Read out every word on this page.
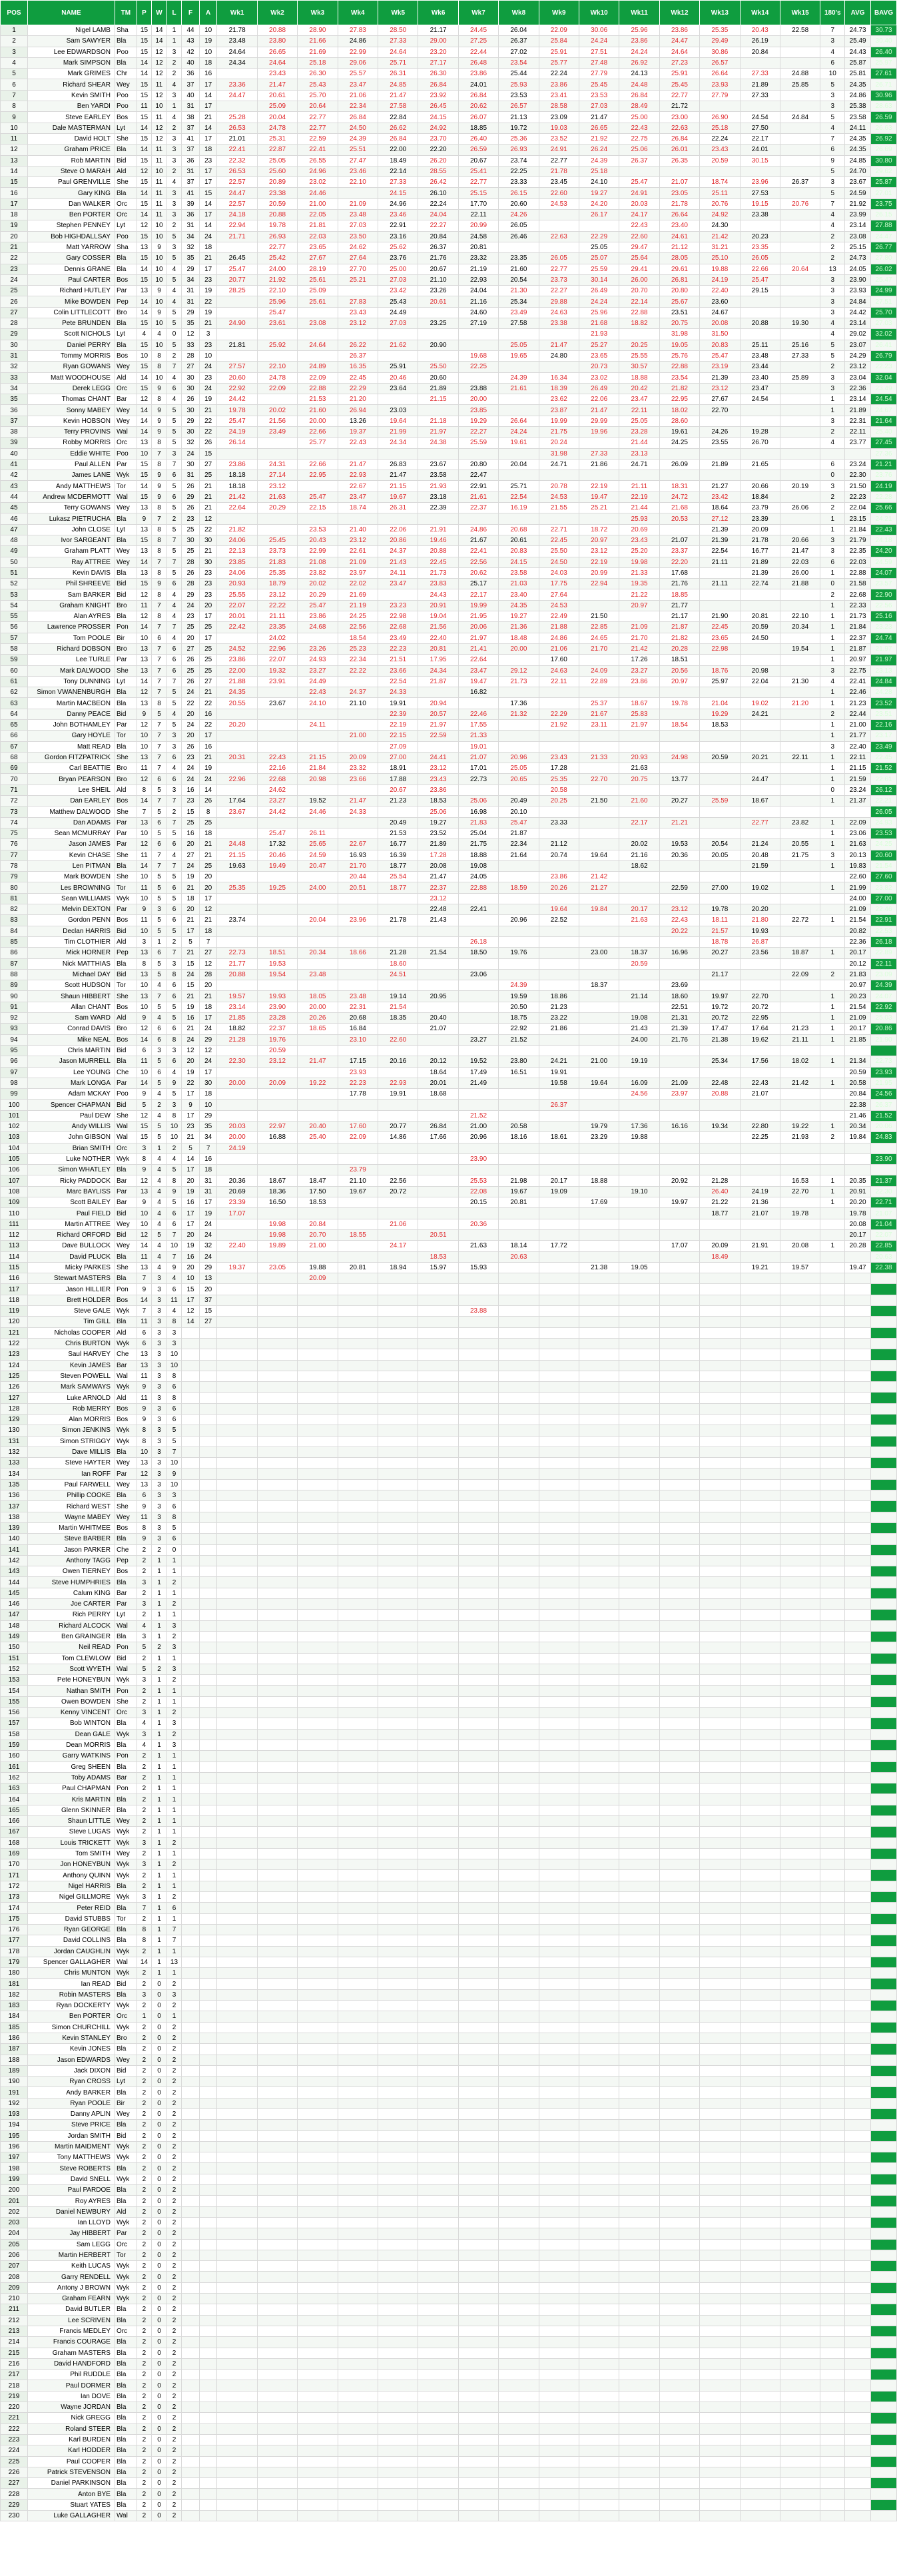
POS	NAME	TM	P	W	L	F	A	Wk1	Wk2	Wk3	Wk4	Wk5	Wk6	Wk7	Wk8	Wk9	Wk10	Wk11	Wk12	Wk13	Wk14	Wk15	180's	AVG	BAVG
1	Nigel LAMB	Sha	15	14	1	44	10	21.78	20.88	28.90	27.83	28.50	21.17	24.45	26.04	22.09	30.06	25.96	23.86	25.35	20.43	22.58	7	24.73	30.73
2	Sam SAWYER	Bla	15	14	1	43	19	23.48	23.80	21.66	24.86	27.33	29.00	27.25	26.37	25.84	24.24	23.86	24.47	29.49	26.19		3	25.49	30.40
3	Lee EDWARDSON	Poo	15	12	3	42	10	24.64	26.65	21.69	22.99	24.64	23.20	22.44	27.02	25.91	27.51	24.24	24.64	30.86	20.84		4	24.43	26.40
4	Mark SIMPSON	Bla	14	12	2	40	18	24.34	24.64	25.18	29.06	25.71	27.17	26.48	23.54	25.77	27.48	26.92	27.23	26.57			6	25.87	25.97
5	Mark GRIMES	Chr	14	12	2	36	16		23.43	26.30	25.57	26.31	26.30	23.86	25.44	22.24	27.79	24.13	25.91	26.64	27.33	24.88	10	25.81	27.61
6	Richard SHEAR	Wey	15	11	4	37	17	23.36	21.47	25.43	23.47	24.85	26.84	24.01	25.93	23.86	25.45	24.48	25.45	23.93	21.89	25.85	5	24.35	26.71
7	Kevin SMITH	Poo	15	12	3	40	14	24.47	20.61	25.70	21.06	21.47	23.92	26.84	23.53	23.41	23.53	26.84	22.77	27.79	27.33		3	24.86	30.96
8	Ben YARDI	Poo	11	10	1	31	17		25.09	20.64	22.34	27.58	26.45	20.62	26.57	28.58	27.03	28.49	21.72				3	25.38	28.63
9	Steve EARLEY	Bos	15	11	4	38	21	25.28	20.04	22.77	26.84	22.84	24.15	26.07	21.13	23.09	21.47	25.00	23.00	26.90	24.54	24.84	5	23.58	26.59
10	Dale MASTERMAN	Lyt	14	12	2	37	14	26.53	24.78	22.77	24.50	26.62	24.92	18.85	19.72	19.03	26.65	22.43	22.63	25.18	27.50		4	24.11	26.63
11	David HOLT	She	15	12	3	41	17	21.01	25.31	22.59	24.39	26.84	23.70	26.40	25.36	23.52	21.92	22.75	26.84	22.24	22.17		7	24.35	26.92
12	Graham PRICE	Bla	14	11	3	37	18	22.41	22.87	22.41	25.51	22.00	22.20	26.59	26.93	24.91	26.24	25.06	26.01	23.43	24.01		6	24.35	26.69
13	Rob MARTIN	Bid	15	11	3	36	23	22.32	25.05	26.55	27.47	18.49	26.20	20.67	23.74	22.77	24.39	26.37	26.35	20.59	30.15		9	24.85	30.80
14	Steve O MARAH	Ald	12	10	2	31	17	26.53	25.60	24.96	23.46	22.14	28.55	25.41	22.25	21.78	25.18						5	24.70	29.62
15	Paul GRENVILLE	She	15	11	4	37	17	22.57	20.89	23.02	22.10	27.33	26.42	22.77	23.33	23.45	24.10	25.47	21.07	18.74	23.96	26.37	3	23.67	25.87
16	Gary KING	Bla	14	11	3	41	15	24.47	23.38	24.46		24.15	26.10	25.15	26.15	22.60	19.27	24.91	23.05	25.11	27.53		5	24.59	27.01
17	Dan WALKER	Orc	15	11	3	39	14	22.57	20.59	21.00	21.09	24.96	22.24	17.70	20.60	24.53	24.20	20.03	21.78	20.76	19.15	20.76	7	21.92	23.75
18	Ben PORTER	Orc	14	11	3	36	17	24.18	20.88	22.05	23.48	23.46	24.04	22.11	24.26		26.17	24.17	26.64	24.92	23.38		4	23.99	26.15
19	Stephen PENNEY	Lyt	12	10	2	31	14	22.94	19.78	21.81	27.03	22.91	22.27	20.99	26.05			22.43	23.40	24.30			4	23.14	27.88
20	Bob HIGHDALLSAY	Poo	15	10	5	34	24	21.71	26.93	22.03	23.50	23.16	20.84	24.58	26.46	22.63	22.29	22.60	24.61	21.42	20.23		2	23.08	24.47
21	Matt YARROW	Sha	13	9	3	32	18		22.77	23.65	24.62	25.62	26.37	20.81			25.05	29.47	21.12	31.21	23.35		2	25.15	26.77
22	Gary COSSER	Bla	15	10	5	35	21	26.45	25.42	27.67	27.64	23.76	21.76	23.32	23.35	26.05	25.07	25.64	28.05	25.10	26.05		2	24.73	27.80
23	Dennis GRANE	Bla	14	10	4	29	17	25.47	24.00	28.19	27.70	25.00	20.67	21.19	21.60	22.77	25.59	29.41	29.61	19.88	22.66	20.64	13	24.05	26.02
24	Paul CARTER	Bos	15	10	5	34	23	20.77	21.92	25.61	25.21	27.03	21.10	22.93	20.54	23.73	30.14	26.00	26.81	24.19	25.47		3	23.90	25.47
25	Richard HUTLEY	Par	13	9	4	31	19	28.25	22.10	25.09		23.42	23.26	24.04	21.30	22.27	26.49	20.70	20.80	22.40	29.15		3	23.93	24.99
26	Mike BOWDEN	Pep	14	10	4	31	22		25.96	25.61	27.83	25.43	20.61	21.16	25.34	29.88	24.24	22.14	25.67	23.60			3	24.84	27.51
27	Colin LITTLECOTT	Bro	14	9	5	29	19		25.47		23.43	24.49		24.60	23.49	24.63	25.96	22.88	23.51	24.67			3	24.42	25.70
28	Pete BRUNDEN	Bla	15	10	5	35	21	24.90	23.61	23.08	23.12	27.03	23.25	27.19	27.58	23.38	21.68	18.82	20.75	20.08	20.88	19.30	4	23.14	27.03
29	Scott NICHOLS	Lyt	4	4	0	12	3										21.93		31.98	31.50			4	29.02	32.02
30	Daniel PERRY	Bla	15	10	5	33	23	21.81	25.92	24.64	26.22	21.62	20.90		25.05	21.47	25.27	20.25	19.05	20.83	25.11	25.16	5	23.07	26.41
31	Tommy MORRIS	Bos	10	8	2	28	10				26.37			19.68	19.65	24.80	23.65	25.55	25.76	25.47	23.48	27.33	5	24.29	26.79
32	Ryan GOWANS	Wey	15	8	7	27	24	27.57	22.10	24.89	16.35	25.91	25.50	22.25			20.73	30.57	22.88	23.19	23.44		2	23.12	22.23
33	Matt WOODHOUSE	Ald	14	10	4	30	23	20.60	24.78	22.09	22.45	20.46	20.60		24.39	16.34	23.02	18.88	23.54	21.39	23.40	25.89	3	23.04	32.04
34	Derek LEGG	Orc	15	9	6	30	24	22.92	22.09	22.88	22.29	23.64	21.89	23.88	21.61	18.39	26.49	20.42	21.82	23.12	23.47		3	22.36	23.49
35	Thomas CHANT	Bar	12	8	4	26	19	24.42		21.53	21.20		21.15	20.00		23.62	22.06	23.47	22.95	27.67	24.54		1	23.14	24.54
36	Sonny MABEY	Wey	14	9	5	30	21	19.78	20.02	21.60	26.94	23.03		23.85		23.87	21.47	22.11	18.02	22.70			1	21.89	24.67
37	Kevin HOBSON	Wey	14	9	5	29	22	25.47	21.56	20.00	13.26	19.64	21.18	19.29	26.64	19.99	29.99	25.05	28.60				3	22.31	21.64
38	Terry PROVINS	Wal	14	9	5	30	22	24.19	23.49	22.66	19.37	21.99	21.97	22.27	24.24	21.75	19.96	23.28	19.61	24.26	19.28		2	22.11	25.40
39	Robby MORRIS	Orc	13	8	5	32	26	26.14		25.77	22.43	24.34	24.38	25.59	19.61	20.24		21.44	24.25	23.55	26.70		4	23.77	27.45
40	Eddie WHITE	Poo	10	7	3	24	15									31.98	27.33	23.13							27.36
41	Paul ALLEN	Par	15	8	7	30	27	23.86	24.31	22.66	21.47	26.83	23.67	20.80	20.04	24.71	21.86	24.71	26.09	21.89	21.65		6	23.24	21.21
42	James LANE	Wyk	15	9	6	31	25	18.18	27.14	22.95	22.93	21.47	23.58	22.47									0	22.30	23.76
43	Andy MATTHEWS	Tor	14	9	5	26	21	18.18	23.12		22.67	21.15	21.93	22.91	25.71	20.78	22.19	21.11	18.31	21.27	20.66	20.19	3	21.50	24.19
44	Andrew MCDERMOTT	Wal	15	9	6	29	21	21.42	21.63	25.47	23.47	19.67	23.18	21.61	22.54	24.53	19.47	22.19	24.72	23.42	18.84		2	22.23	22.28
45	Terry GOWANS	Wey	13	8	5	26	21	22.64	20.29	22.15	18.74	26.31	22.39	22.37	16.19	21.55	25.21	21.44	21.68	18.64	23.79	26.06	2	22.04	25.66
46	Lukasz PIETRUCHA	Bla	9	7	2	23	12											25.93	20.53	27.12	23.39		1	23.15	24.21
47	John CLOSE	Lyt	13	8	5	25	22	21.82		23.53	21.40	22.06	21.91	24.86	20.68	22.71	18.72	20.69		21.39	20.09		1	21.84	22.43
48	Ivor SARGEANT	Bla	15	8	7	30	30	24.06	25.45	20.43	23.12	20.86	19.46	21.67	20.61	22.45	20.97	23.43	21.07	21.39	21.78	20.66	3	21.79	24.18
49	Graham PLATT	Wey	13	8	5	25	21	22.13	23.73	22.99	22.61	24.37	20.88	22.41	20.83	25.50	23.12	25.20	23.37	22.54	16.77	21.47	3	22.35	24.20
50	Ray ATTREE	Wey	14	7	7	28	30	23.85	21.83	21.08	21.09	21.43	22.45	22.56	24.15	24.50	22.19	19.98	22.20	21.11	21.89	22.03	6	22.03	24.59
51	Kevin DAVIS	Bla	13	8	5	26	23	24.06	25.35	23.82	23.97	24.11	21.73	20.62	23.58	24.03	20.99	21.33	17.68		21.39	26.00	1	22.88	24.07
52	Phil SHREEVE	Bid	15	9	6	28	23	20.93	18.79	20.02	22.02	23.47	23.83	25.17	21.03	17.75	22.94	19.35	21.76	21.11	22.74	21.88	0	21.58	23.57
53	Sam BARKER	Bid	12	8	4	29	23	25.55	23.12	20.29	21.69		24.43	22.17	23.40	27.64		21.22	18.85				2	22.68	22.90
54	Graham KNIGHT	Bro	11	7	4	24	20	22.07	22.22	25.47	21.19	23.23	20.91	19.99	24.35	24.53		20.97	21.77				1	22.33	22.56
55	Alan AYRES	Bla	12	8	4	23	17	20.01	21.11	23.86	24.25	22.98	19.04	21.95	19.27	22.49	21.50		21.17	21.90	20.81	22.10	1	21.73	25.16
56	Lawrence PROSSER	Pon	14	7	7	25	25	22.42	23.35	24.68	22.56	22.68	21.56	20.06	21.36	21.88	22.85	21.09	21.87	22.45	20.59	20.34	1	21.84	23.23
57	Tom POOLE	Bir	10	6	4	20	17		24.02		18.54	23.49	22.40	21.97	18.48	24.86	24.65	21.70	21.82	23.65	24.50		1	22.37	24.74
58	Richard DOBSON	Bro	13	7	6	27	25	24.52	22.96	23.26	25.23	22.23	20.81	21.41	20.00	21.06	21.70	21.42	20.28	22.98		19.54	1	21.87	21.97
59	Lee TURLE	Par	13	7	6	26	25	23.86	22.07	24.93	22.34	21.51	17.95	22.64		17.60		17.26	18.51				1	20.97	21.97
60	Mark DALWOOD	She	13	7	6	25	25	22.00	19.32	23.27	22.22	23.66	24.34	23.47	29.12	24.63	24.09	23.27	20.56	18.76	20.98		3	22.75	23.13
61	Tony DUNNING	Lyt	14	7	7	26	27	21.88	23.91	24.49		22.54	21.87	19.47	21.73	22.11	22.89	23.86	20.97	25.97	22.04	21.30	4	22.41	24.84
62	Simon VWANENBURGH	Bla	12	7	5	24	21	24.35		22.43	24.37	24.33		16.82									1	22.46	24.28
63	Martin MACBEON	Bla	13	8	5	22	22	20.55	23.67	24.10	21.10	19.91	20.94		17.36		25.37	18.67	19.78	21.04	19.02	21.20	1	21.23	23.52
64	Danny PEACE	Bid	9	5	4	20	16					22.39	20.57	22.46	21.32	22.29	21.67	25.83		19.29	24.21		2	22.44	23.51
65	John BOTHAMLEY	Par	12	7	5	24	22	20.20		24.11		22.19	21.97	17.55		21.92	23.11	21.97	18.54	18.53			1	21.00	22.16
66	Gary HOYLE	Tor	10	7	3	20	17				21.00	22.15	22.59	21.33									1	21.77	23.17
67	Matt READ	Bla	10	7	3	26	16					27.09		19.01									3	22.40	23.49
68	Gordon FITZPATRICK	She	13	7	6	23	21	20.31	22.43	21.15	20.09	27.00	24.41	21.07	20.96	23.43	21.33	20.93	24.98	20.59	20.21	22.11	1	22.11	22.45
69	Carl BEATTIE	Bro	11	7	4	24	19		22.16	21.84	23.32	18.91	23.12	17.01	25.05	17.28		21.63					1	21.15	21.52
70	Bryan PEARSON	Bro	12	6	6	24	24	22.96	22.68	20.98	23.66	17.88	23.43	22.73	20.65	25.35	22.70	20.75	13.77		24.47		1	21.59	22.61
71	Lee SHEIL	Ald	8	5	3	16	14		24.62			20.67	23.86			20.58							0	23.24	26.12
72	Dan EARLEY	Bos	14	7	7	23	26	17.64	23.27	19.52	21.47	21.23	18.53	25.06	20.49	20.25	21.50	21.60	20.27	25.59	18.67		1	21.37	22.21
73	Matthew DALWOOD	She	7	5	2	15	8	23.67	24.42	24.46	24.33		25.06	16.98	20.10										26.05
74	Dan ADAMS	Par	13	6	7	25	25					20.49	19.27	21.83	25.47	23.33		22.17	21.21		22.77	23.82	1	22.09	24.93
75	Sean MCMURRAY	Par	10	5	5	16	18		25.47	26.11		21.53	23.52	25.04	21.87								1	23.06	23.53
76	Jason JAMES	Par	12	6	6	20	21	24.48	17.32	25.65	22.67	16.77	21.89	21.75	22.34	21.12		20.02	19.53	20.54	21.24	20.55	1	21.63	24.25
77	Kevin CHASE	She	11	7	4	27	21	21.15	20.46	24.59	16.93	16.39	17.28	18.88	21.64	20.74	19.64	21.16	20.36	20.05	20.48	21.75	3	20.13	20.60
78	Len PITMAN	Bla	14	7	7	24	25	19.63	19.49	20.47	21.70	18.77	20.08	19.08				18.62			21.59		1	19.83	21.54
79	Mark BOWDEN	She	10	5	5	19	20				20.44	25.54	21.47	24.05		23.86	21.42							22.60	27.60
80	Les BROWNING	Tor	11	5	6	21	20	25.35	19.25	24.00	20.51	18.77	22.37	22.88	18.59	20.26	21.27		22.59	27.00	19.02		1	21.99	23.82
81	Sean WILLIAMS	Wyk	10	5	5	18	17						23.12											24.00	27.00
82	Melvin DEXTON	Par	9	3	6	20	12						22.48	22.41		19.64	19.84	20.17	23.12	19.78	20.20			21.09	22.46
83	Gordon PENN	Bos	11	5	6	21	21	23.74		20.04	23.96	21.78	21.43		20.96	22.52		21.63	22.43	18.11	21.80	22.72	1	21.54	22.91
84	Declan HARRIS	Bid	10	5	5	17	18												20.22	21.57	19.93			20.82	22.53
85	Tim CLOTHIER	Ald	3	1	2	5	7							26.18						18.78	26.87			22.36	26.18
86	Mick HORNER	Pep	13	6	7	21	27	22.73	18.51	20.34	18.66	21.28	21.54	18.50	19.76		23.00	18.37	16.96	20.27	23.56	18.87	1	20.17	22.89
87	Nick MATTHIAS	Bla	8	5	3	15	12	21.77	19.53			18.60						20.59						20.12	22.11
88	Michael DAY	Bid	13	5	8	24	28	20.88	19.54	23.48		24.51		23.06						21.17		22.09	2	21.83	23.09
89	Scott HUDSON	Tor	10	4	6	15	20								24.39		18.37		23.69					20.97	24.39
90	Shaun HIBBERT	She	13	7	6	21	21	19.57	19.93	18.05	23.48	19.14	20.95		19.59	18.86		21.14	18.60	19.97	22.70		1	20.23	24.07
91	Allan CHANT	Bos	10	5	5	19	18	23.14	23.90	20.00	22.31	21.54			20.50	21.23			22.51	19.72	20.72		1	21.54	22.92
92	Sam WARD	Ald	9	4	5	16	17	21.85	23.28	20.26	20.68	18.35	20.40		18.75	23.22		19.08	21.31	20.72	22.95		1	21.09	25.03
93	Conrad DAVIS	Bro	12	6	6	21	24	18.82	22.37	18.65	16.84		21.07		22.92	21.86		21.43	21.39	17.47	17.64	21.23	1	20.17	20.86
94	Mike NEAL	Bos	14	6	8	24	29	21.28	19.76		23.10	22.60		23.27	21.52			24.00	21.76	21.38	19.62	21.11	1	21.85	21.90
95	Chris MARTIN	Bid	6	3	3	12	12		20.59																
96	Jason MURRELL	Bla	11	5	6	20	24	22.30	23.12	21.47	17.15	20.16	20.12	19.52	23.80	24.21	21.00	19.19		25.34	17.56	18.02	1	21.34	22.73
97	Lee YOUNG	Che	10	6	4	19	17				23.93		18.64	17.49	16.51	19.91								20.59	23.93
98	Mark LONGA	Par	14	5	9	22	30	20.00	20.09	19.22	22.23	22.93	20.01	21.49		19.58	19.64	16.09	21.09	22.48	22.43	21.42	1	20.58	21.95
99	Adam MCKAY	Poo	9	4	5	17	18				17.78	19.91	18.68					24.56	23.97	20.88	21.07			20.84	24.56
100	Spencer CHAPMAN	Bid	5	2	3	9	10									26.37								22.38	26.37
101	Paul DEW	She	12	4	8	17	29							21.52										21.46	21.52
102	Andy WILLIS	Wal	15	5	10	23	35	20.03	22.97	20.40	17.60	20.77	26.84	21.00	20.58		19.79	17.36	16.16	19.34	22.80	19.22	1	20.34	20.06
103	John GIBSON	Wal	15	5	10	21	34	20.00	16.88	25.40	22.09	14.86	17.66	20.96	18.16	18.61	23.29	19.88			22.25	21.93	2	19.84	24.83
104	Brian SMITH	Orc	3	1	2	5	7	24.19																	
105	Luke NOTHER	Wyk	8	4	4	14	16							23.90											23.90
106	Simon WHATLEY	Bla	9	4	5	17	18				23.79														
107	Ricky PADDOCK	Bar	12	4	8	20	31	20.36	18.67	18.47	21.10	22.56		25.53	21.98	20.17	18.88		20.92	21.28		16.53	1	20.35	21.37
108	Marc BAYLISS	Par	13	4	9	19	31	20.69	18.36	17.50	19.67	20.72		22.08	19.67	19.09		19.10		26.40	24.19	22.70	1	20.91	22.30
109	Scott BAILEY	Bar	9	4	5	16	17	23.39	16.50	18.53				20.15	20.81		17.69		19.97	21.22	21.36		1	20.20	22.71
110	Paul FIELD	Bid	10	4	6	17	19	17.07												18.77	21.07	19.78		19.78	21.07
111	Martin ATTREE	Wey	10	4	6	17	24		19.98	20.84		21.06		20.36										20.08	21.04
112	Richard ORFORD	Bid	12	5	7	20	24		19.98	20.70	18.55		20.51											20.17	22.07
113	Dave BULLOCK	Wey	14	4	10	19	32	22.40	19.89	21.00		24.17		21.63	18.14	17.72			17.07	20.09	21.91	20.08	1	20.28	22.85
114	David PLUCK	Bla	11	4	7	16	24						18.53		20.63					18.49					20.63
115	Micky PARKES	She	13	4	9	20	29	19.37	23.05	19.88	20.81	18.94	15.97	15.93			21.38	19.05			19.21	19.57		19.47	22.38
116	Stewart MASTERS	Bla	7	3	4	10	13			20.09															
117	Jason HILLIER	Pon	9	3	6	15	20																		
118	Brett HOLDER	Bos	14	3	11	17	37																		
119	Steve GALE	Wyk	7	3	4	12	15							23.88											
120	Tim GILL	Bla	11	3	8	14	27																		
121	Nicholas COOPER	Ald	6	3	3																				
122	Chris BURTON	Wyk	6	3	3																				
123	Saul HARVEY	Che	13	3	10																				
124	Kevin JAMES	Bar	13	3	10																				
125	Steven POWELL	Wal	11	3	8																				
126	Mark SAMWAYS	Wyk	9	3	6																				
127	Luke ARNOLD	Ald	11	3	8																				
128	Rob MERRY	Bos	9	3	6																				
129	Alan MORRIS	Bos	9	3	6																				
130	Simon JENKINS	Wyk	8	3	5																				
131	Simon STRIGGY	Wyk	8	3	5																				
132	Dave MILLIS	Bla	10	3	7																				
133	Steve HAYTER	Wey	13	3	10																				
134	Ian ROFF	Par	12	3	9																				
135	Paul FARWELL	Wey	13	3	10																				
136	Phillip COOKE	Bla	6	3	3																				
137	Richard WEST	She	9	3	6																				
138	Wayne MABEY	Wey	11	3	8																				
139	Martin WHITMEE	Bos	8	3	5																				
140	Steve BARBER	Bla	9	3	6																				
141	Jason PARKER	Che	2	2	0																				
142	Anthony TAGG	Pep	2	1	1																				
143	Owen TIERNEY	Bos	2	1	1																				
144	Steve HUMPHRIES	Bla	3	1	2																				
145	Calum KING	Bar	2	1	1																				
146	Joe CARTER	Par	3	1	2																				
147	Rich PERRY	Lyt	2	1	1																				
148	Richard ALCOCK	Wal	4	1	3																				
149	Ben GRAINGER	Bla	3	1	2																				
150	Neil READ	Pon	5	2	3																				
151	Tom CLEWLOW	Bid	2	1	1																				
152	Scott WYETH	Wal	5	2	3																				
153	Pete HONEYBUN	Wyk	3	1	2																				
154	Nathan SMITH	Pon	2	1	1																				
155	Owen BOWDEN	She	2	1	1																				
156	Kenny VINCENT	Orc	3	1	2																				
157	Bob WINTON	Bla	4	1	3																				
158	Dean GALE	Wyk	3	1	2																				
159	Dean MORRIS	Bla	4	1	3																				
160	Garry WATKINS	Pon	2	1	1																				
161	Greg SHEEN	Bla	2	1	1																				
162	Toby ADAMS	Bar	2	1	1																				
163	Paul CHAPMAN	Pon	2	1	1																				
164	Kris MARTIN	Bla	2	1	1																				
165	Glenn SKINNER	Bla	2	1	1																				
166	Shaun LITTLE	Wey	2	1	1																				
167	Steve LUGAS	Wyk	2	1	1																				
168	Louis TRICKETT	Wyk	3	1	2																				
169	Tom SMITH	Wey	2	1	1																				
170	Jon HONEYBUN	Wyk	3	1	2																				
171	Anthony QUINN	Wyk	2	1	1																				
172	Nigel HARRIS	Bla	2	1	1																				
173	Nigel GILLMORE	Wyk	3	1	2																				
174	Peter REID	Bla	7	1	6																				
175	David STUBBS	Tor	2	1	1																				
176	Ryan GEORGE	Bla	8	1	7																				
177	David COLLINS	Bla	8	1	7																				
178	Jordan CAUGHLIN	Wyk	2	1	1																				
179	Spencer GALLAGHER	Wal	14	1	13																				
180	Chris MUNTON	Wyk	2	1	1																				
181	Ian READ	Bid	2	0	2																				
182	Robin MASTERS	Bla	3	0	3																				
183	Ryan DOCKERTY	Wyk	2	0	2																				
184	Ben PORTER	Orc	1	0	1																				
185	Simon CHURCHILL	Wyk	2	0	2																				
186	Kevin STANLEY	Bro	2	0	2																				
187	Kevin JONES	Bla	2	0	2																				
188	Jason EDWARDS	Wey	2	0	2																				
189	Jack DIXON	Bid	2	0	2																				
190	Ryan CROSS	Lyt	2	0	2																				
191	Andy BARKER	Bla	2	0	2																				
192	Ryan POOLE	Bir	2	0	2																				
193	Danny APLIN	Wey	2	0	2																				
194	Steve PRICE	Bla	2	0	2																				
195	Jordan SMITH	Bid	2	0	2																				
196	Martin MAIDMENT	Wyk	2	0	2																				
197	Tony MATTHEWS	Wyk	2	0	2																				
198	Steve ROBERTS	Bla	2	0	2																				
199	David SNELL	Wyk	2	0	2																				
200	Paul PARDOE	Bla	2	0	2																				
201	Roy AYRES	Bla	2	0	2																				
202	Daniel NEWBURY	Ald	2	0	2																				
203	Ian LLOYD	Wyk	2	0	2																				
204	Jay HIBBERT	Par	2	0	2																				
205	Sam LEGG	Orc	2	0	2																				
206	Martin HERBERT	Tor	2	0	2																				
207	Keith LUCAS	Wyk	2	0	2																				
208	Garry RENDELL	Wyk	2	0	2																				
209	Antony J BROWN	Wyk	2	0	2																				
210	Graham FEARN	Wyk	2	0	2																				
211	David BUTLER	Bla	2	0	2																				
212	Lee SCRIVEN	Bla	2	0	2																				
213	Francis MEDLEY	Orc	2	0	2																				
214	Francis COURAGE	Bla	2	0	2																				
215	Graham MASTERS	Bla	2	0	2																				
216	David HANDFORD	Bla	2	0	2																				
217	Phil RUDDLE	Bla	2	0	2																				
218	Paul DORMER	Bla	2	0	2																				
219	Ian DOVE	Bla	2	0	2																				
220	Wayne JORDAN	Bla	2	0	2																				
221	Nick GREGG	Bla	2	0	2																				
222	Roland STEER	Bla	2	0	2																				
223	Karl BURDEN	Bla	2	0	2																				
224	Karl HODDER	Bla	2	0	2																				
225	Paul COOPER	Bla	2	0	2																				
226	Patrick STEVENSON	Bla	2	0	2																				
227	Daniel PARKINSON	Bla	2	0	2																				
228	Anton BYE	Bla	2	0	2																				
229	Stuart YATES	Bla	2	0	2																				
230	Luke GALLAGHER	Wal	2	0	2																				
